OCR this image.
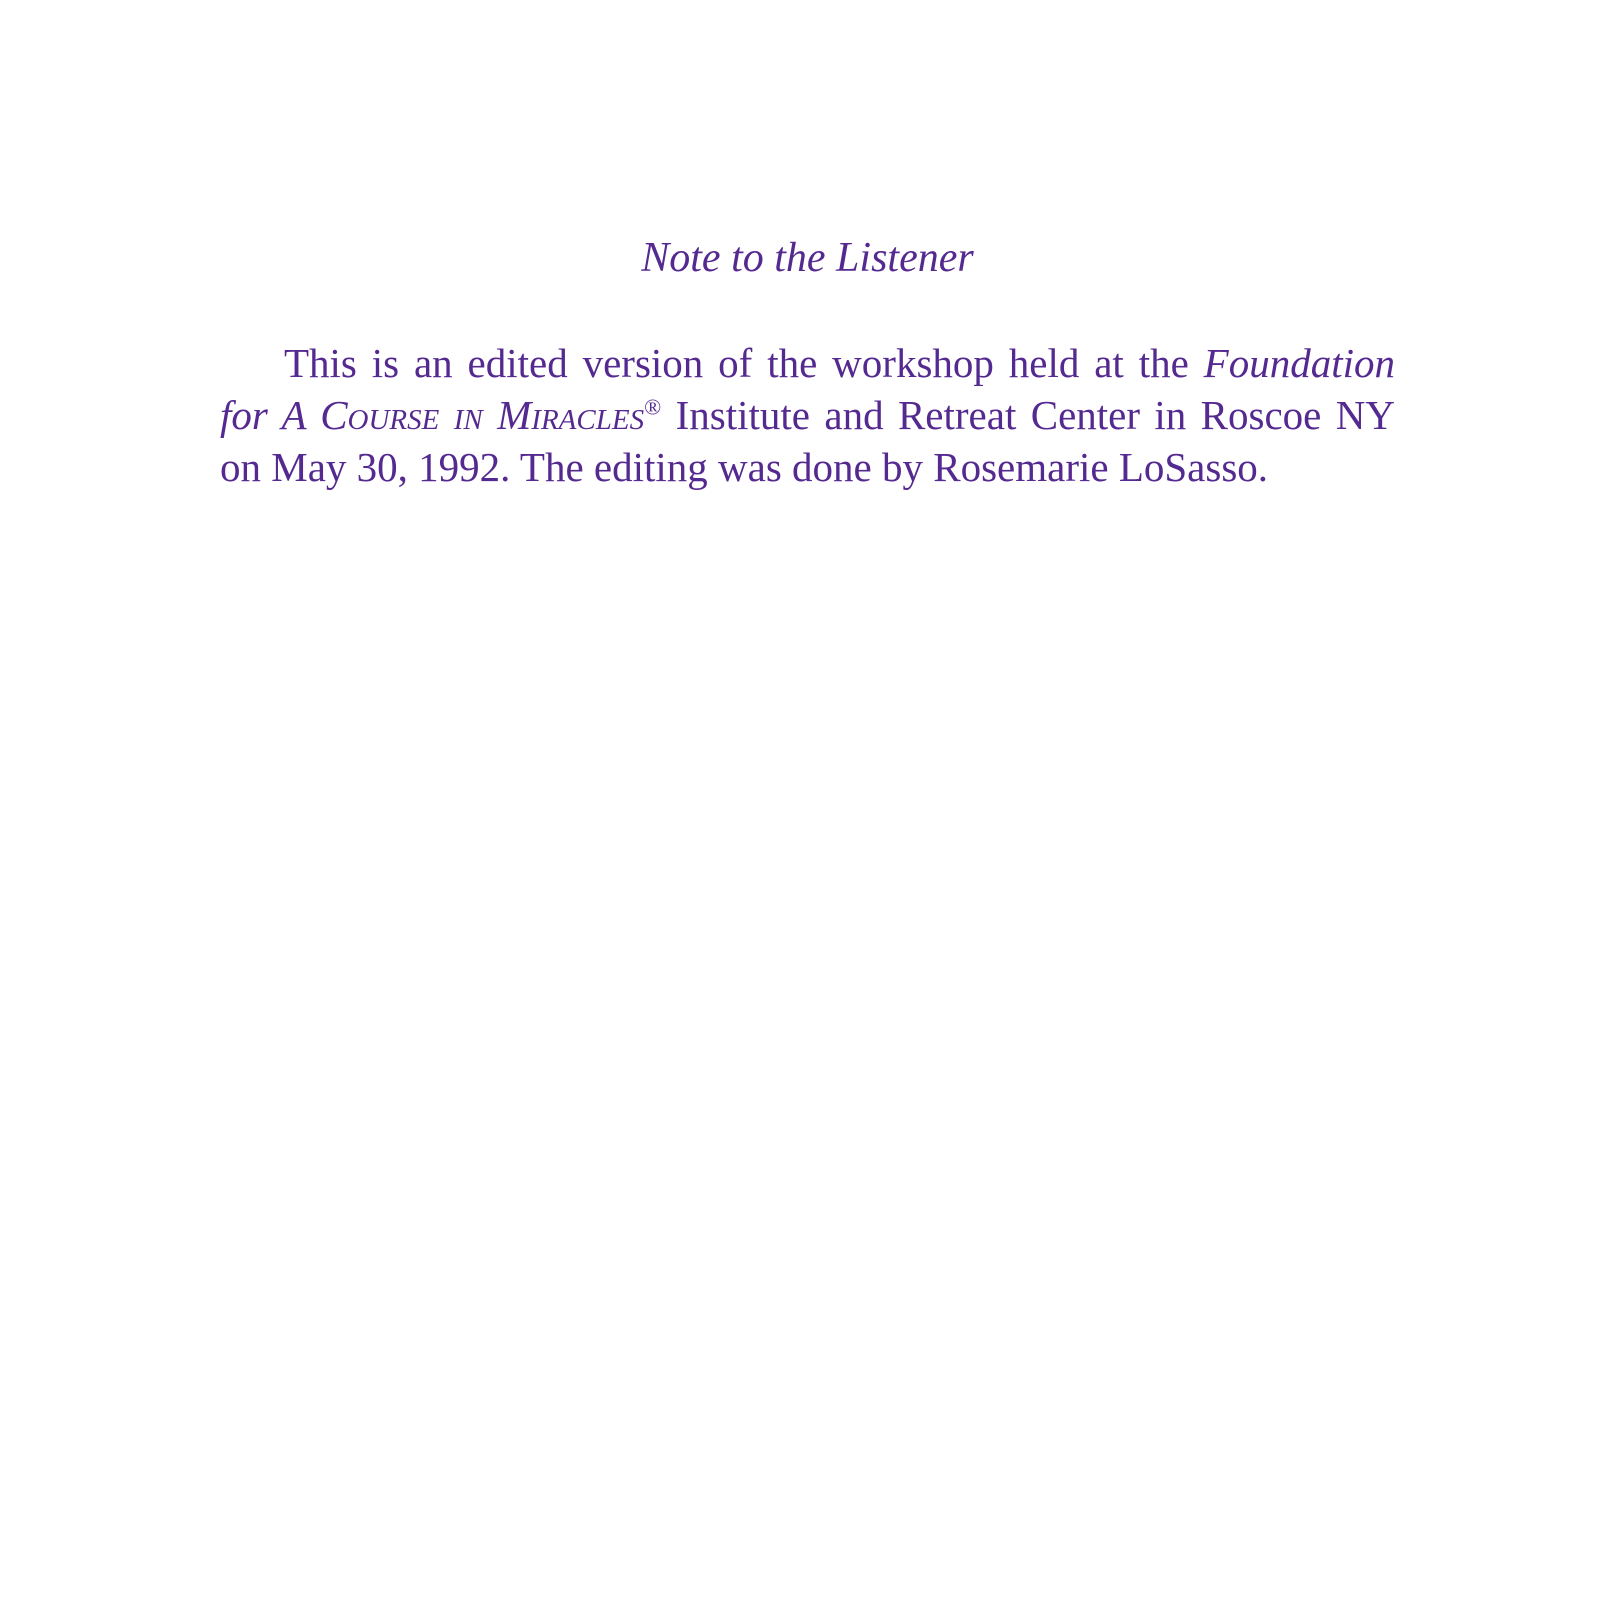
Note to the Listener

This is an edited version of the workshop held at the Foundation for A Course in Miracles® Institute and Retreat Center in Roscoe NY on May 30, 1992. The editing was done by Rosemarie LoSasso.
